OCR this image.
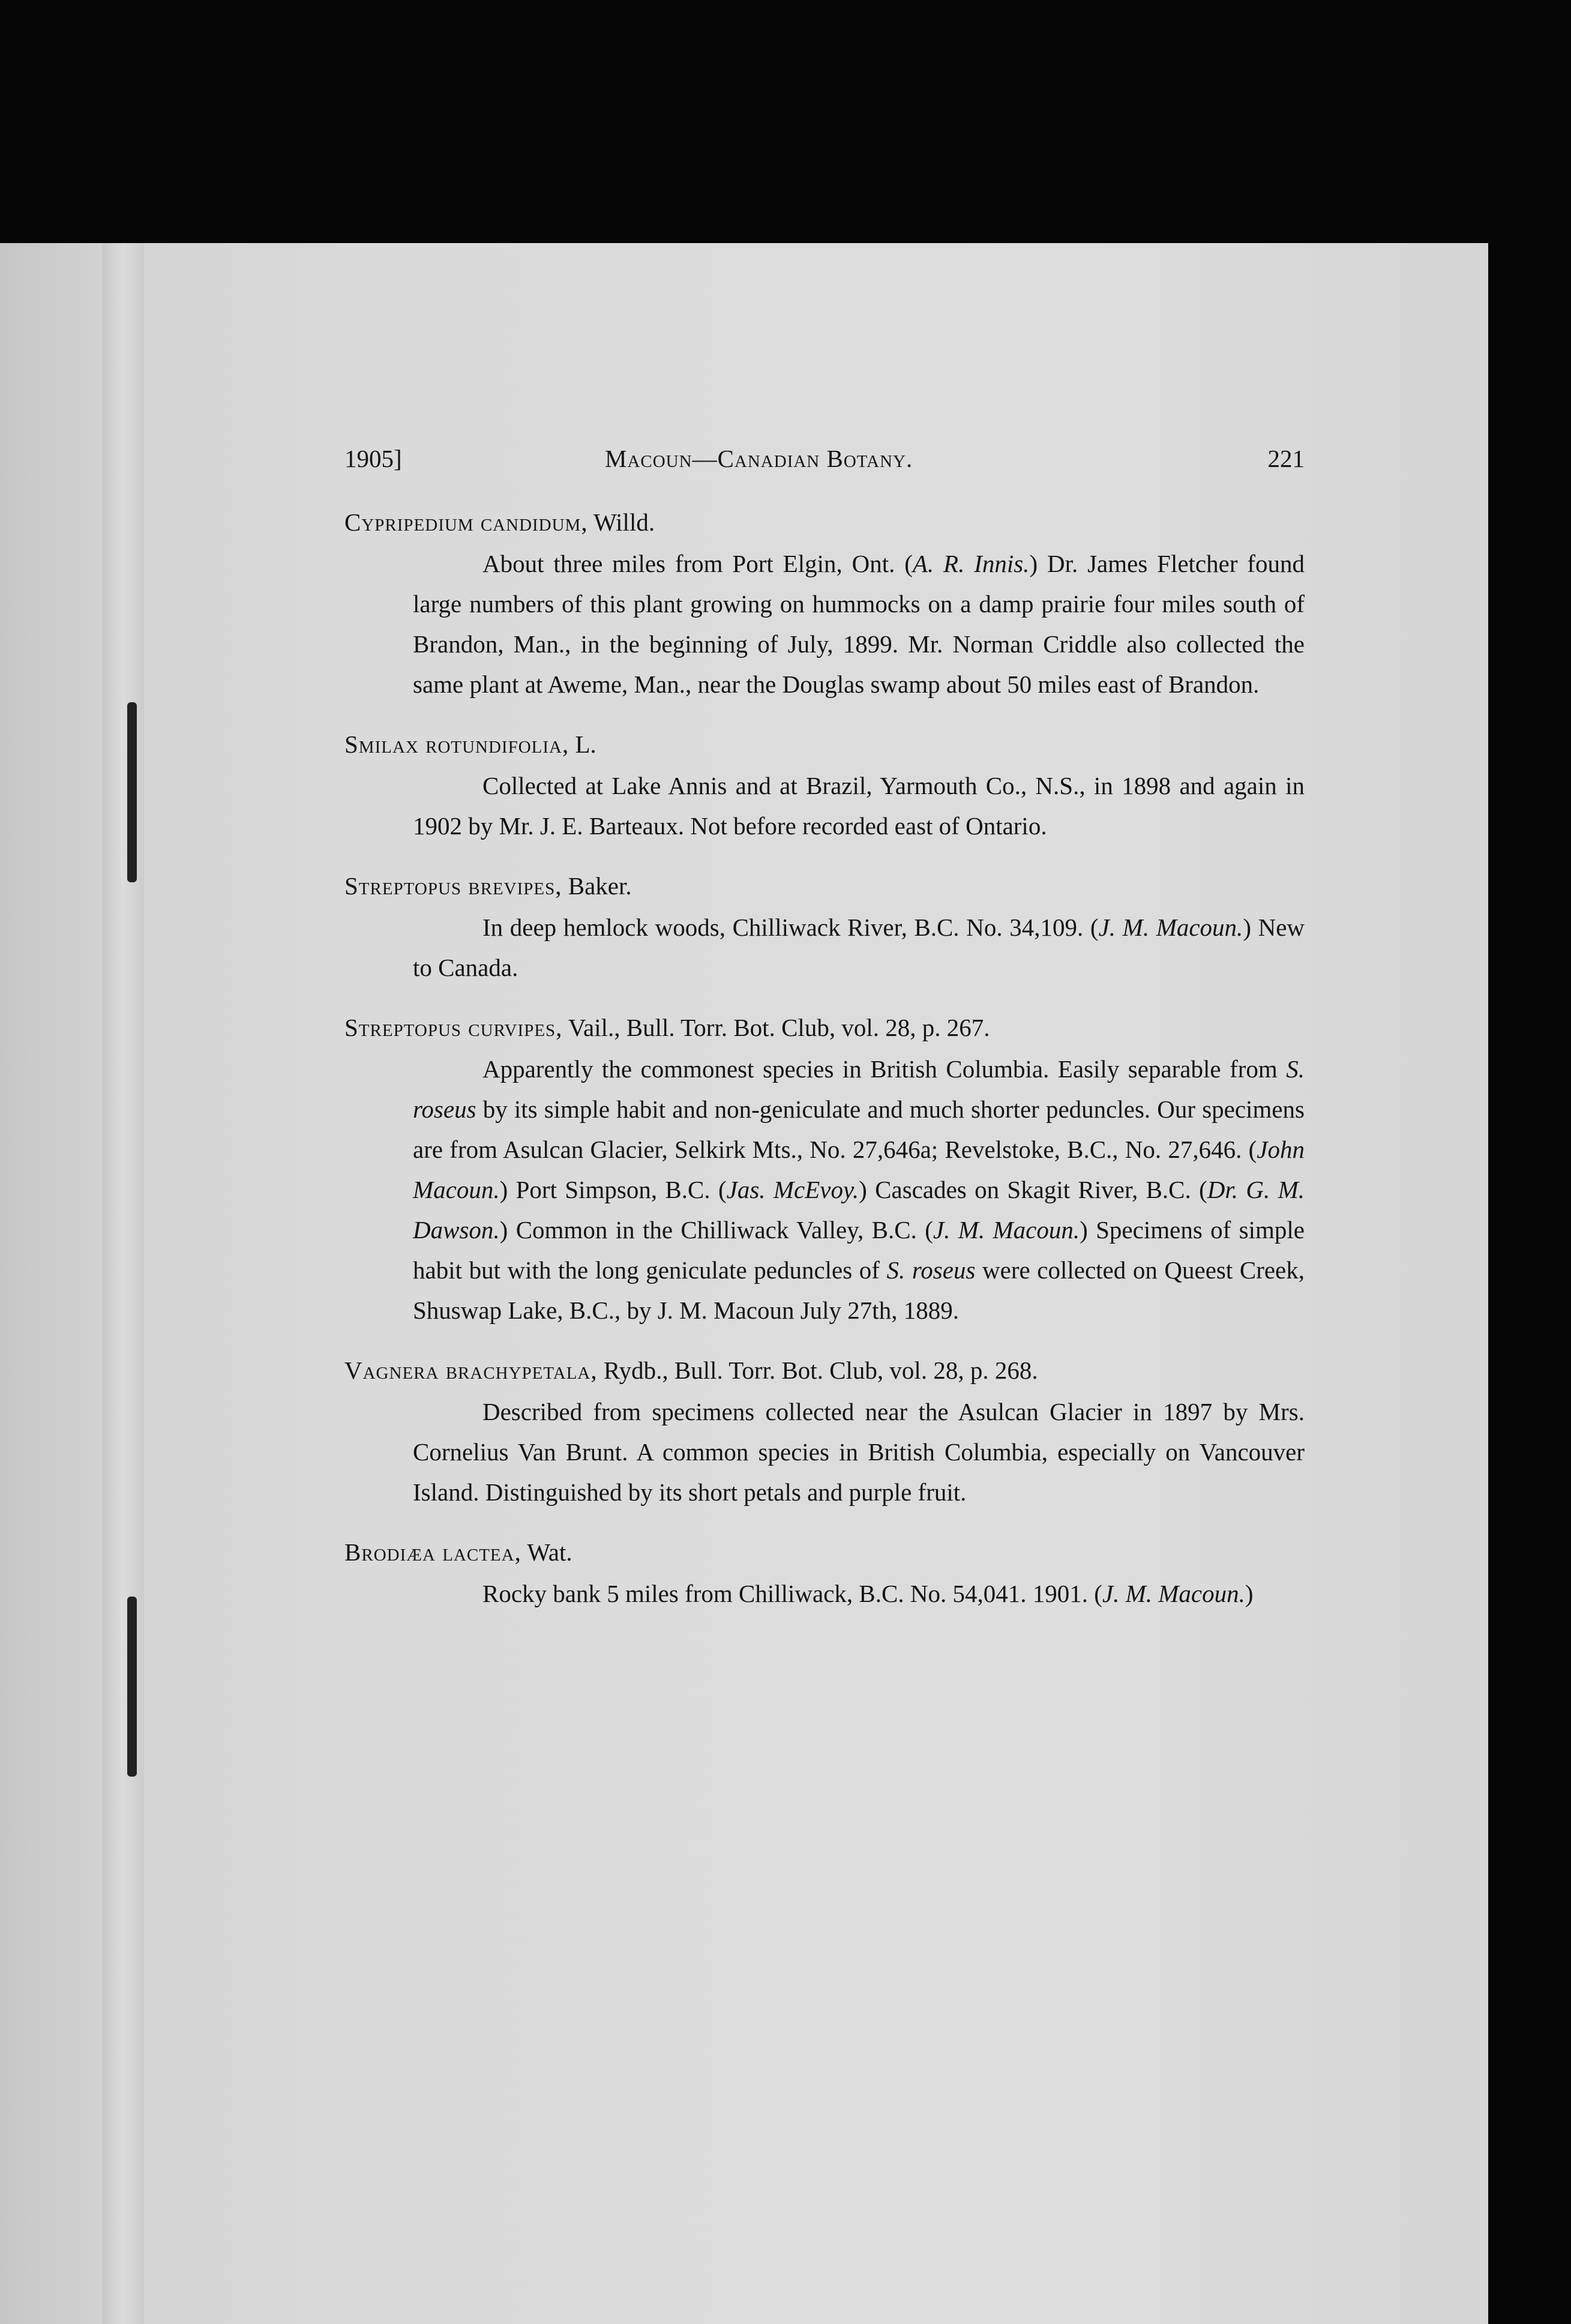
1905]	Macoun—Canadian Botany.	221

Cypripedium candidum, Willd.

About three miles from Port Elgin, Ont. (A. R. Innis.) Dr. James Fletcher found large numbers of this plant growing on hummocks on a damp prairie four miles south of Brandon, Man., in the beginning of July, 1899. Mr. Norman Criddle also collected the same plant at Aweme, Man., near the Douglas swamp about 50 miles east of Brandon.

Smilax rotundifolia, L.

Collected at Lake Annis and at Brazil, Yarmouth Co., N.S., in 1898 and again in 1902 by Mr. J. E. Barteaux. Not before recorded east of Ontario.

Streptopus brevipes, Baker.

In deep hemlock woods, Chilliwack River, B.C. No. 34,109. (J. M. Macoun.) New to Canada.

Streptopus curvipes, Vail., Bull. Torr. Bot. Club, vol. 28, p. 267.

Apparently the commonest species in British Columbia. Easily separable from S. roseus by its simple habit and non-geniculate and much shorter peduncles. Our specimens are from Asulcan Glacier, Selkirk Mts., No. 27,646a; Revelstoke, B.C., No. 27,646. (John Macoun.) Port Simpson, B.C. (Jas. McEvoy.) Cascades on Skagit River, B.C. (Dr. G. M. Dawson.) Common in the Chilliwack Valley, B.C. (J. M. Macoun.) Specimens of simple habit but with the long geniculate peduncles of S. roseus were collected on Queest Creek, Shuswap Lake, B.C., by J. M. Macoun July 27th, 1889.

Vagnera brachypetala, Rydb., Bull. Torr. Bot. Club, vol. 28, p. 268.

Described from specimens collected near the Asulcan Glacier in 1897 by Mrs. Cornelius Van Brunt. A common species in British Columbia, especially on Vancouver Island. Distinguished by its short petals and purple fruit.

Brodiæa lactea, Wat.

Rocky bank 5 miles from Chilliwack, B.C. No. 54,041. 1901. (J. M. Macoun.)
